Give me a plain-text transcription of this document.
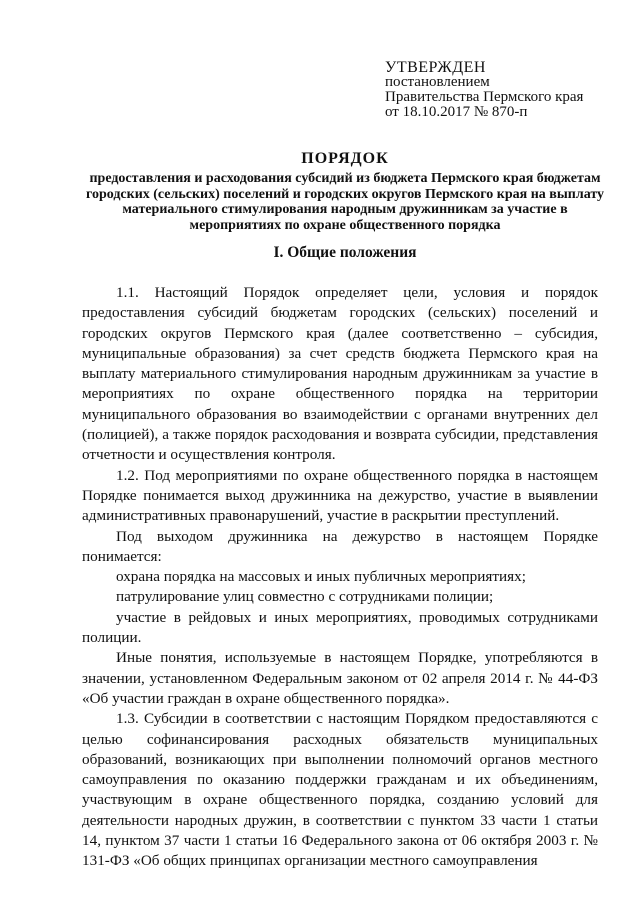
УТВЕРЖДЕН
постановлением
Правительства Пермского края
от 18.10.2017 № 870-п
ПОРЯДОК
предоставления и расходования субсидий из бюджета Пермского края бюджетам городских (сельских) поселений и городских округов Пермского края на выплату материального стимулирования народным дружинникам за участие в мероприятиях по охране общественного порядка
I. Общие положения

1.1. Настоящий Порядок определяет цели, условия и порядок предоставления субсидий бюджетам городских (сельских) поселений и городских округов Пермского края (далее соответственно – субсидия, муниципальные образования) за счет средств бюджета Пермского края на выплату материального стимулирования народным дружинникам за участие в мероприятиях по охране общественного порядка на территории муниципального образования во взаимодействии с органами внутренних дел (полицией), а также порядок расходования и возврата субсидии, представления отчетности и осуществления контроля.

1.2. Под мероприятиями по охране общественного порядка в настоящем Порядке понимается выход дружинника на дежурство, участие в выявлении административных правонарушений, участие в раскрытии преступлений.

Под выходом дружинника на дежурство в настоящем Порядке понимается:

охрана порядка на массовых и иных публичных мероприятиях;

патрулирование улиц совместно с сотрудниками полиции;

участие в рейдовых и иных мероприятиях, проводимых сотрудниками полиции.

Иные понятия, используемые в настоящем Порядке, употребляются в значении, установленном Федеральным законом от 02 апреля 2014 г. № 44-ФЗ «Об участии граждан в охране общественного порядка».

1.3. Субсидии в соответствии с настоящим Порядком предоставляются с целью софинансирования расходных обязательств муниципальных образований, возникающих при выполнении полномочий органов местного самоуправления по оказанию поддержки гражданам и их объединениям, участвующим в охране общественного порядка, созданию условий для деятельности народных дружин, в соответствии с пунктом 33 части 1 статьи 14, пунктом 37 части 1 статьи 16 Федерального закона от 06 октября 2003 г. № 131-ФЗ «Об общих принципах организации местного самоуправления
